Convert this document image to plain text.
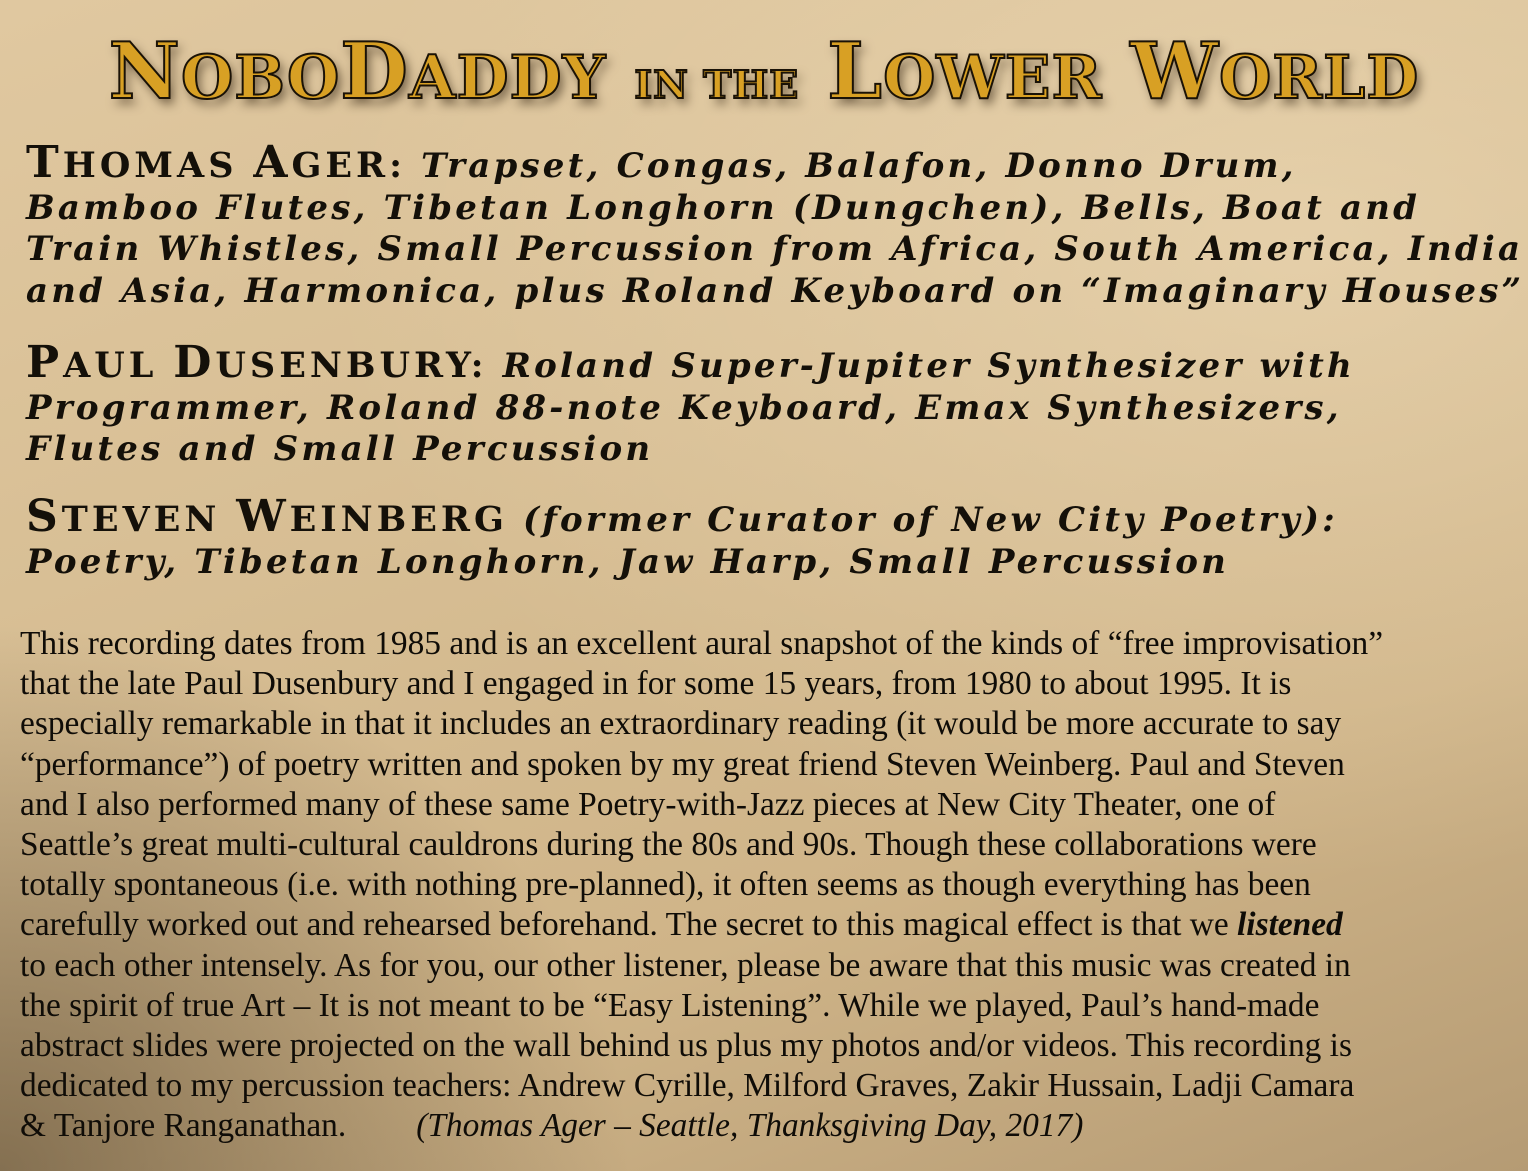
NOBODADDY IN THE LOWER WORLD
THOMAS AGER: Trapset, Congas, Balafon, Donno Drum,
Bamboo Flutes, Tibetan Longhorn (Dungchen), Bells, Boat and
Train Whistles, Small Percussion from Africa, South America, India
and Asia, Harmonica, plus Roland Keyboard on “Imaginary Houses”
PAUL DUSENBURY: Roland Super-Jupiter Synthesizer with
Programmer, Roland 88-note Keyboard, Emax Synthesizers,
Flutes and Small Percussion
STEVEN WEINBERG (former Curator of New City Poetry):
Poetry, Tibetan Longhorn, Jaw Harp, Small Percussion
This recording dates from 1985 and is an excellent aural snapshot of the kinds of “free improvisation”
that the late Paul Dusenbury and I engaged in for some 15 years, from 1980 to about 1995. It is
especially remarkable in that it includes an extraordinary reading (it would be more accurate to say
“performance”) of poetry written and spoken by my great friend Steven Weinberg. Paul and Steven
and I also performed many of these same Poetry-with-Jazz pieces at New City Theater, one of
Seattle’s great multi-cultural cauldrons during the 80s and 90s. Though these collaborations were
totally spontaneous (i.e. with nothing pre-planned), it often seems as though everything has been
carefully worked out and rehearsed beforehand. The secret to this magical effect is that we listened
to each other intensely. As for you, our other listener, please be aware that this music was created in
the spirit of true Art – It is not meant to be “Easy Listening”. While we played, Paul’s hand-made
abstract slides were projected on the wall behind us plus my photos and/or videos. This recording is
dedicated to my percussion teachers: Andrew Cyrille, Milford Graves, Zakir Hussain, Ladji Camara
& Tanjore Ranganathan. (Thomas Ager – Seattle, Thanksgiving Day, 2017)
